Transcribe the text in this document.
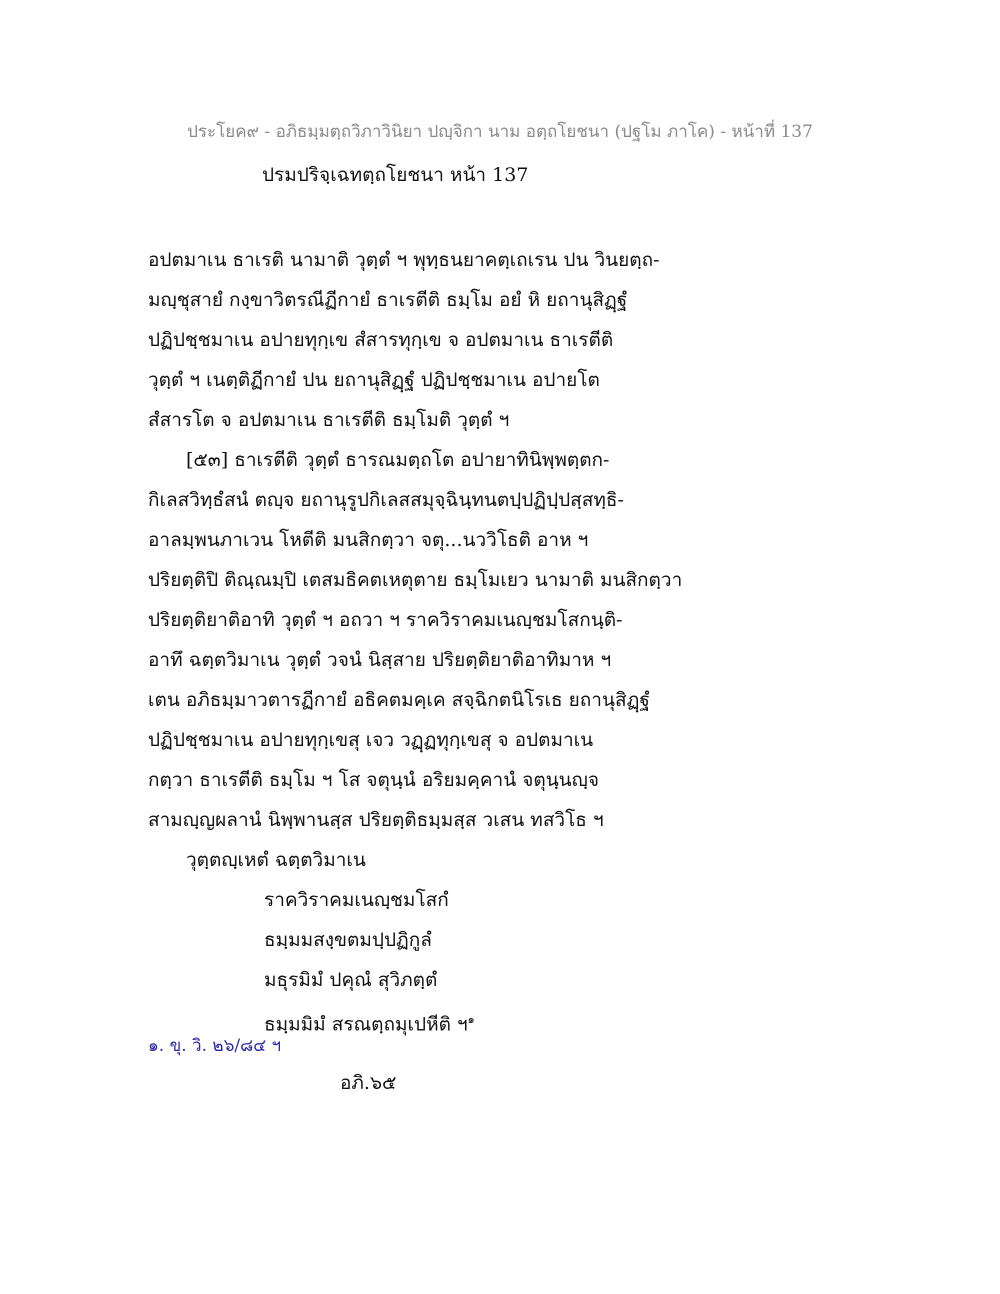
ประโยค๙ - อภิธมฺมตฺถวิภาวินิยา ปญฺจิกา นาม อตฺถโยชนา (ปฐโม ภาโค) - หน้าที่ 137
ปรมปริจฺเฉทตฺถโยชนา หน้า 137
อปตมาเน ธาเรติ นามาติ วุตฺตํ ฯ พุทฺธนยาคตฺเถเรน ปน วินยตฺถ-
มญฺชุสายํ กงฺขาวิตรณีฏีกายํ ธาเรตีติ ธมฺโม อยํ หิ ยถานุสิฏฺฐํ
ปฏิปชฺชมาเน อปายทุกฺเข สํสารทุกฺเข จ อปตมาเน ธาเรตีติ
วุตฺตํ ฯ เนตฺติฏีกายํ ปน ยถานุสิฏฺฐํ ปฏิปชฺชมาเน อปายโต
สํสารโต จ อปตมาเน ธาเรตีติ ธมฺโมติ วุตฺตํ ฯ
[๕๓] ธาเรตีติ วุตฺตํ ธารณมตฺถโต อปายาทินิพฺพตฺตก-
กิเลสวิทฺธํสนํ ตญฺจ ยถานุรูปกิเลสสมุจฺฉินฺทนตปฺปฏิปฺปสฺสทฺธิ-
อาลมฺพนภาเวน โหตีติ มนสิกตฺวา จตุ...นววิโธติ อาห ฯ
ปริยตฺติปิ ติณฺณมฺปิ เตสมธิคตเหตุตาย ธมฺโมเยว นามาติ มนสิกตฺวา
ปริยตฺติยาติอาทิ วุตฺตํ ฯ อถวา ฯ ราควิราคมเนญฺชมโสกนฺติ-
อาทึ ฉตฺตวิมาเน วุตฺตํ วจนํ นิสฺสาย ปริยตฺติยาติอาทิมาห ฯ
เตน อภิธมฺมาวตารฏีกายํ อธิคตมคฺเค สจฺฉิกตนิโรเธ ยถานุสิฏฺฐํ
ปฏิปชฺชมาเน อปายทุกฺเขสุ เจว วฏฺฏทุกฺเขสุ จ อปตมาเน
กตฺวา ธาเรตีติ ธมฺโม ฯ โส จตุนฺนํ อริยมคฺคานํ จตุนฺนญฺจ
สามญฺญผลานํ นิพฺพานสฺส ปริยตฺติธมฺมสฺส วเสน ทสวิโธ ฯ
วุตฺตญฺเหตํ ฉตฺตวิมาเน
ราควิราคมเนญฺชมโสกํ
ธมฺมมสงฺขตมปฺปฏิกูลํ
มธุรมิมํ ปคุณํ สุวิภตฺตํ
ธมฺมมิมํ สรณตฺถมุเปหีติ ฯ$^๑$
๑. ขุ. วิ. ๒๖/๘๔ ฯ
อภิ.๖๕
